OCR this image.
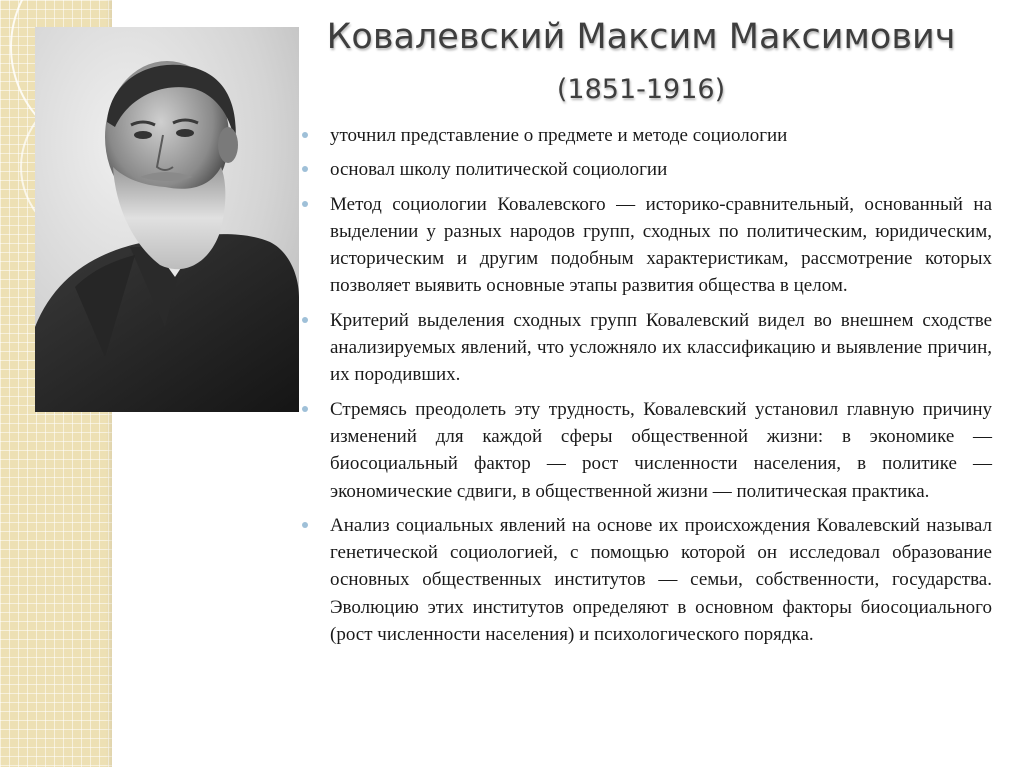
Ковалевский Максим Максимович
(1851-1916)
уточнил представление о предмете и методе социологии
основал школу политической социологии
Метод социологии Ковалевского — историко-сравнительный, основанный на выделении у разных народов групп, сходных по политическим, юридическим, историческим и другим подобным характеристикам, рассмотрение которых позволяет выявить основные этапы развития общества в целом.
Критерий выделения сходных групп Ковалевский видел во внешнем сходстве анализируемых явлений, что усложняло их классификацию и выявление причин, их породивших.
Стремясь преодолеть эту трудность, Ковалевский установил главную причину изменений для каждой сферы общественной жизни: в экономике — биосоциальный фактор — рост численности населения, в политике — экономические сдвиги, в общественной жизни — политическая практика.
Анализ социальных явлений на основе их происхождения Ковалевский называл генетической социологией, с помощью которой он исследовал образование основных общественных институтов — семьи, собственности, государства. Эволюцию этих институтов определяют в основном факторы биосоциального (рост численности населения) и психологического порядка.
